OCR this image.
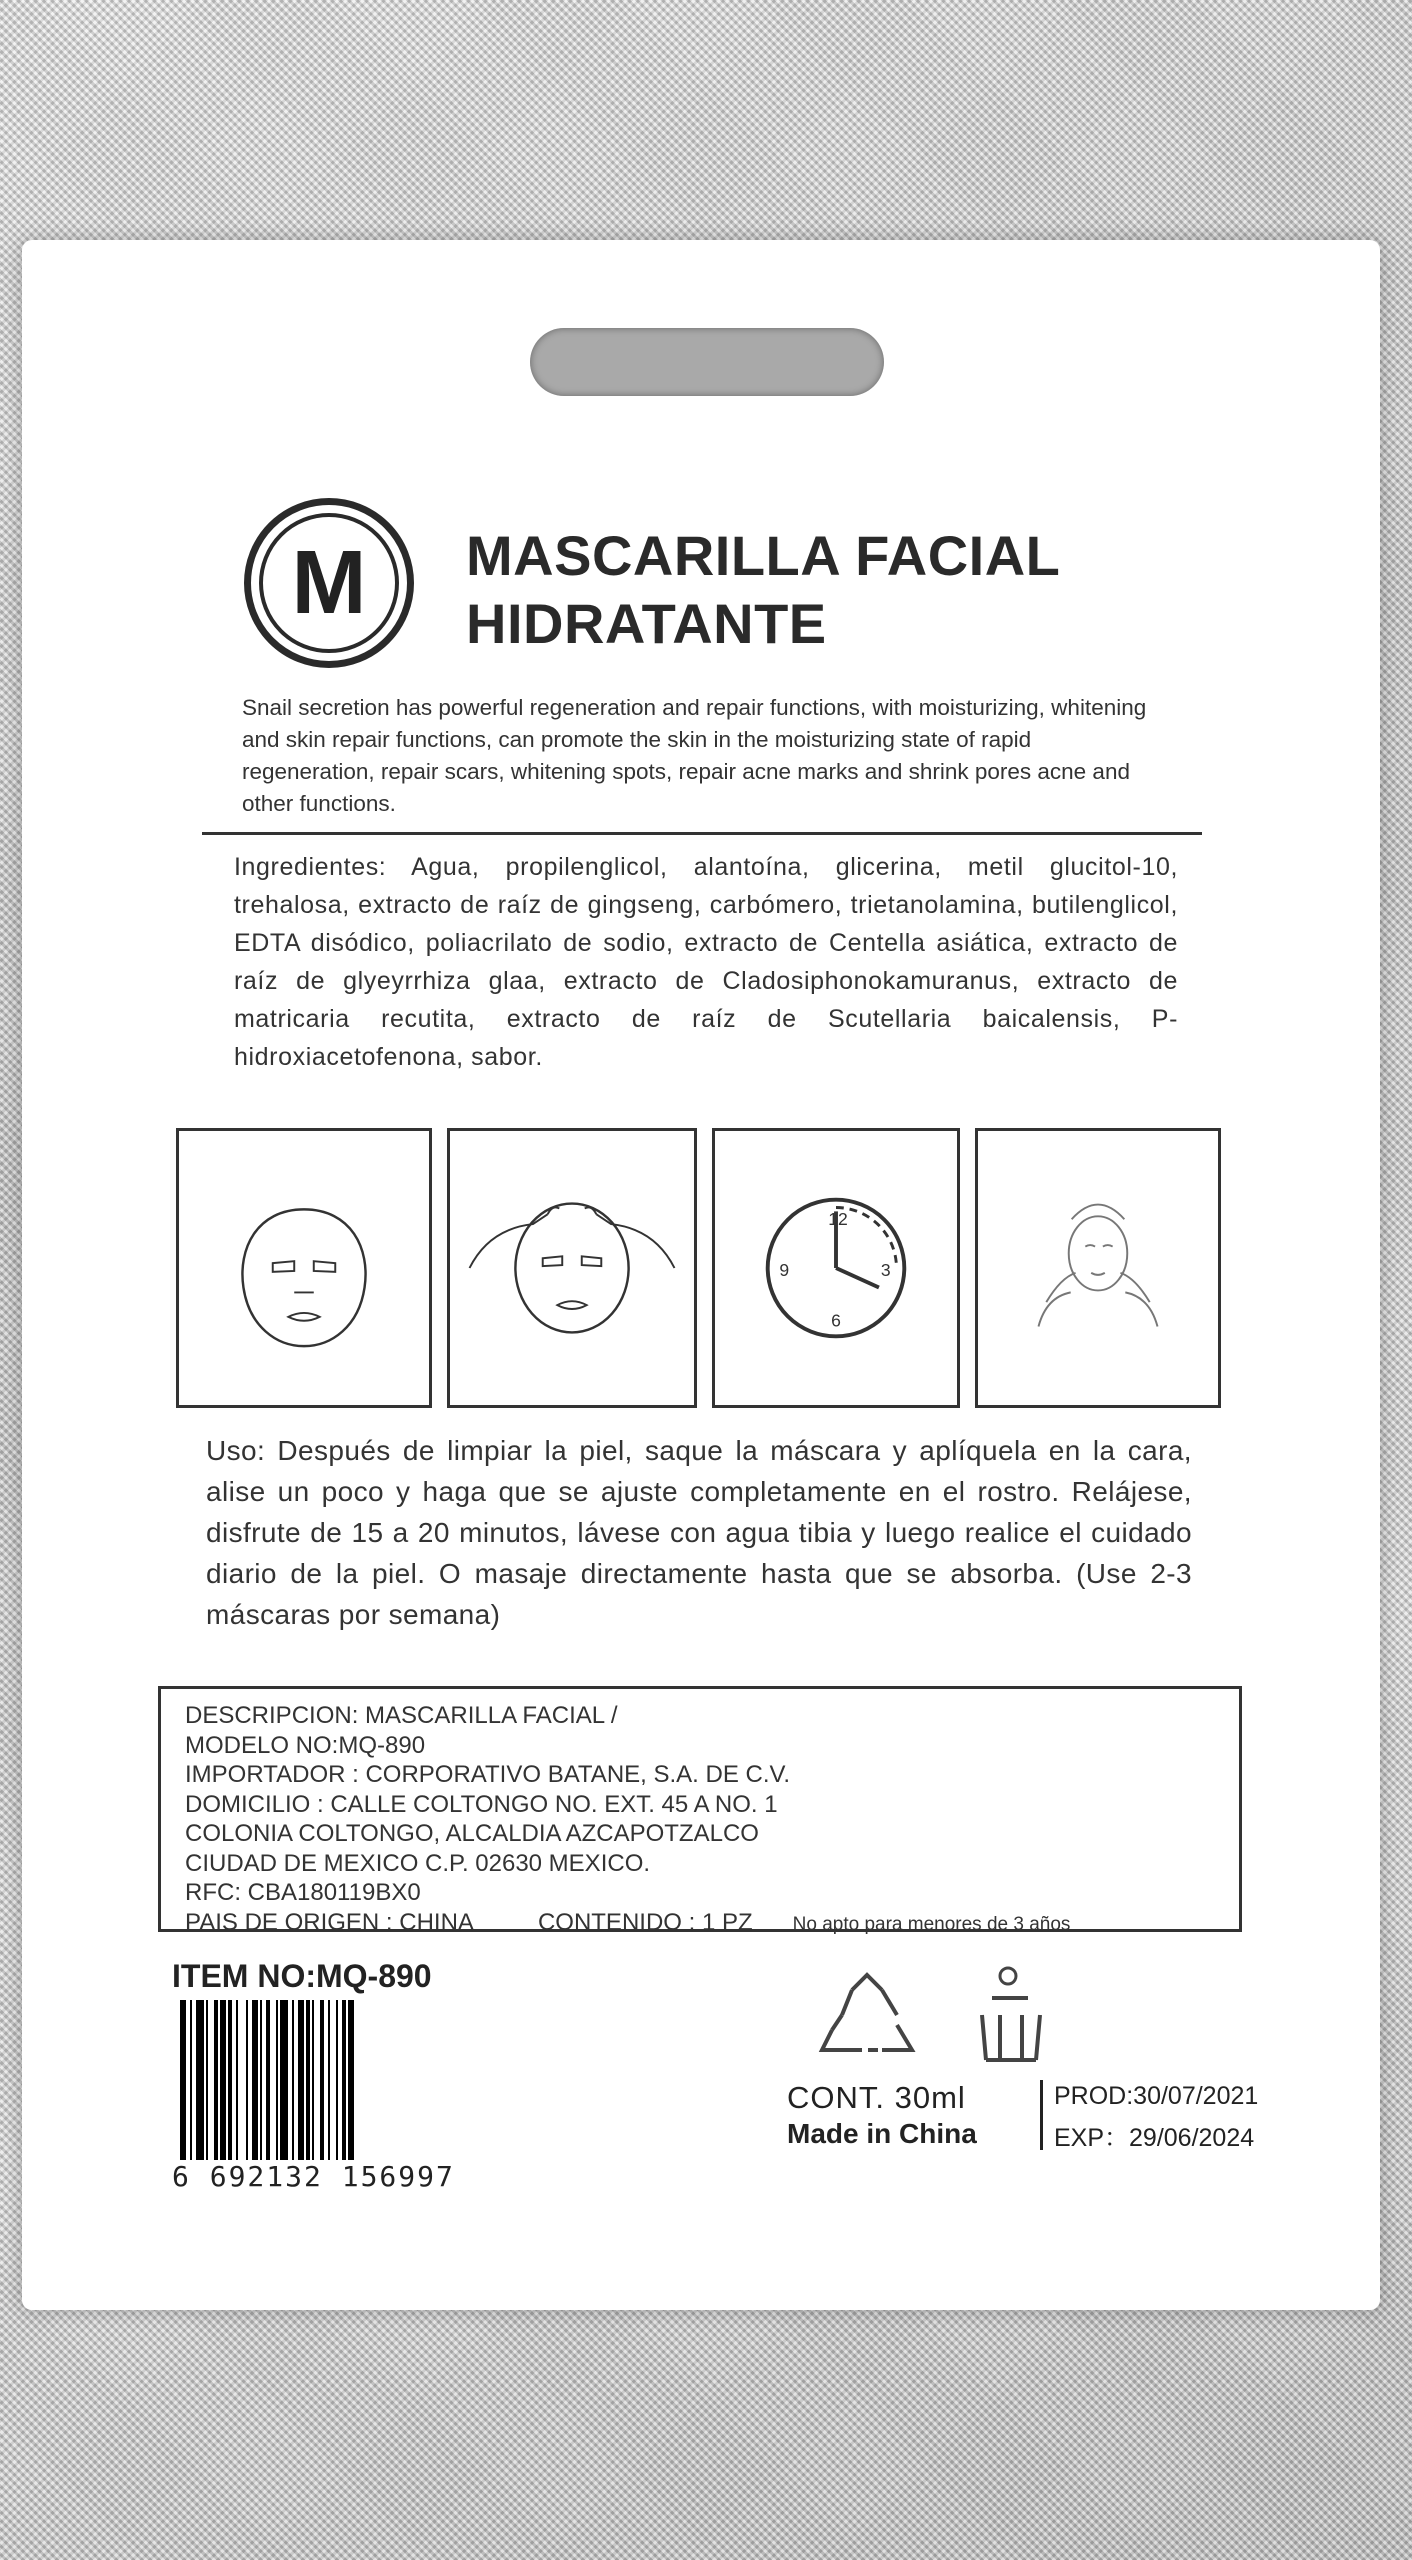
M MASCARILLA FACIAL
HIDRATANTE
Snail secretion has powerful regeneration and repair functions, with moisturizing, whitening and skin repair functions, can promote the skin in the moisturizing state of rapid regeneration, repair scars, whitening spots, repair acne marks and shrink pores acne and other functions.
Ingredientes: Agua, propilenglicol, alantoína, glicerina, metil glucitol-10, trehalosa, extracto de raíz de gingseng, carbómero, trietanolamina, butilenglicol, EDTA disódico, poliacrilato de sodio, extracto de Centella asiática, extracto de raíz de glyeyrrhiza glaa, extracto de Cladosiphonokamuranus, extracto de matricaria recutita, extracto de raíz de Scutellaria baicalensis, P-hidroxiacetofenona, sabor.
12
3
6
9
Uso: Después de limpiar la piel, saque la máscara y aplíquela en la cara, alise un poco y haga que se ajuste completamente en el rostro. Relájese, disfrute de 15 a 20 minutos, lávese con agua tibia y luego realice el cuidado diario de la piel. O masaje directamente hasta que se absorba. (Use 2-3 máscaras por semana)
DESCRIPCION: MASCARILLA FACIAL /
MODELO NO:MQ-890
IMPORTADOR : CORPORATIVO BATANE, S.A. DE C.V.
DOMICILIO : CALLE COLTONGO NO. EXT. 45 A NO. 1
COLONIA COLTONGO, ALCALDIA AZCAPOTZALCO
CIUDAD DE MEXICO C.P. 02630 MEXICO.
RFC: CBA180119BX0
PAIS DE ORIGEN : CHINA	CONTENIDO : 1 PZ No apto para menores de 3 años
ITEM NO:MQ-890
6 692132 156997
CONT. 30ml
Made in China
PROD:30/07/2021
EXP：29/06/2024
